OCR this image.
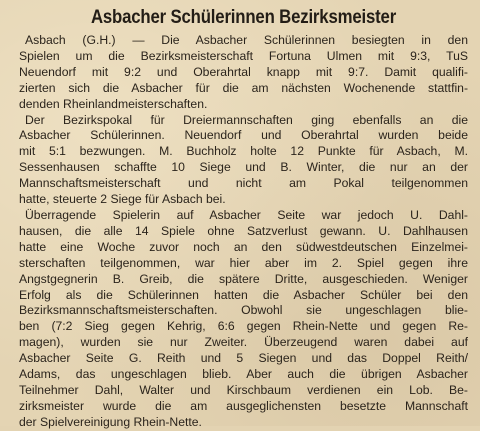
Asbacher Schülerinnen Bezirksmeister
Asbach (G.H.) — Die Asbacher Schülerinnen besiegten in den
Spielen um die Bezirksmeisterschaft Fortuna Ulmen mit 9:3, TuS
Neuendorf mit 9:2 und Oberahrtal knapp mit 9:7. Damit qualifi-
zierten sich die Asbacher für die am nächsten Wochenende stattfin-
denden Rheinlandmeisterschaften.
Der Bezirkspokal für Dreiermannschaften ging ebenfalls an die
Asbacher Schülerinnen. Neuendorf und Oberahrtal wurden beide
mit 5:1 bezwungen. M. Buchholz holte 12 Punkte für Asbach, M.
Sessenhausen schaffte 10 Siege und B. Winter, die nur an der
Mannschaftsmeisterschaft und nicht am Pokal teilgenommen
hatte, steuerte 2 Siege für Asbach bei.
Überragende Spielerin auf Asbacher Seite war jedoch U. Dahl-
hausen, die alle 14 Spiele ohne Satzverlust gewann. U. Dahlhausen
hatte eine Woche zuvor noch an den südwestdeutschen Einzelmei-
sterschaften teilgenommen, war hier aber im 2. Spiel gegen ihre
Angstgegnerin B. Greib, die spätere Dritte, ausgeschieden. Weniger
Erfolg als die Schülerinnen hatten die Asbacher Schüler bei den
Bezirksmannschaftsmeisterschaften. Obwohl sie ungeschlagen blie-
ben (7:2 Sieg gegen Kehrig, 6:6 gegen Rhein-Nette und gegen Re-
magen), wurden sie nur Zweiter. Überzeugend waren dabei auf
Asbacher Seite G. Reith und 5 Siegen und das Doppel Reith/
Adams, das ungeschlagen blieb. Aber auch die übrigen Asbacher
Teilnehmer Dahl, Walter und Kirschbaum verdienen ein Lob. Be-
zirksmeister wurde die am ausgeglichensten besetzte Mannschaft
der Spielvereinigung Rhein-Nette.
